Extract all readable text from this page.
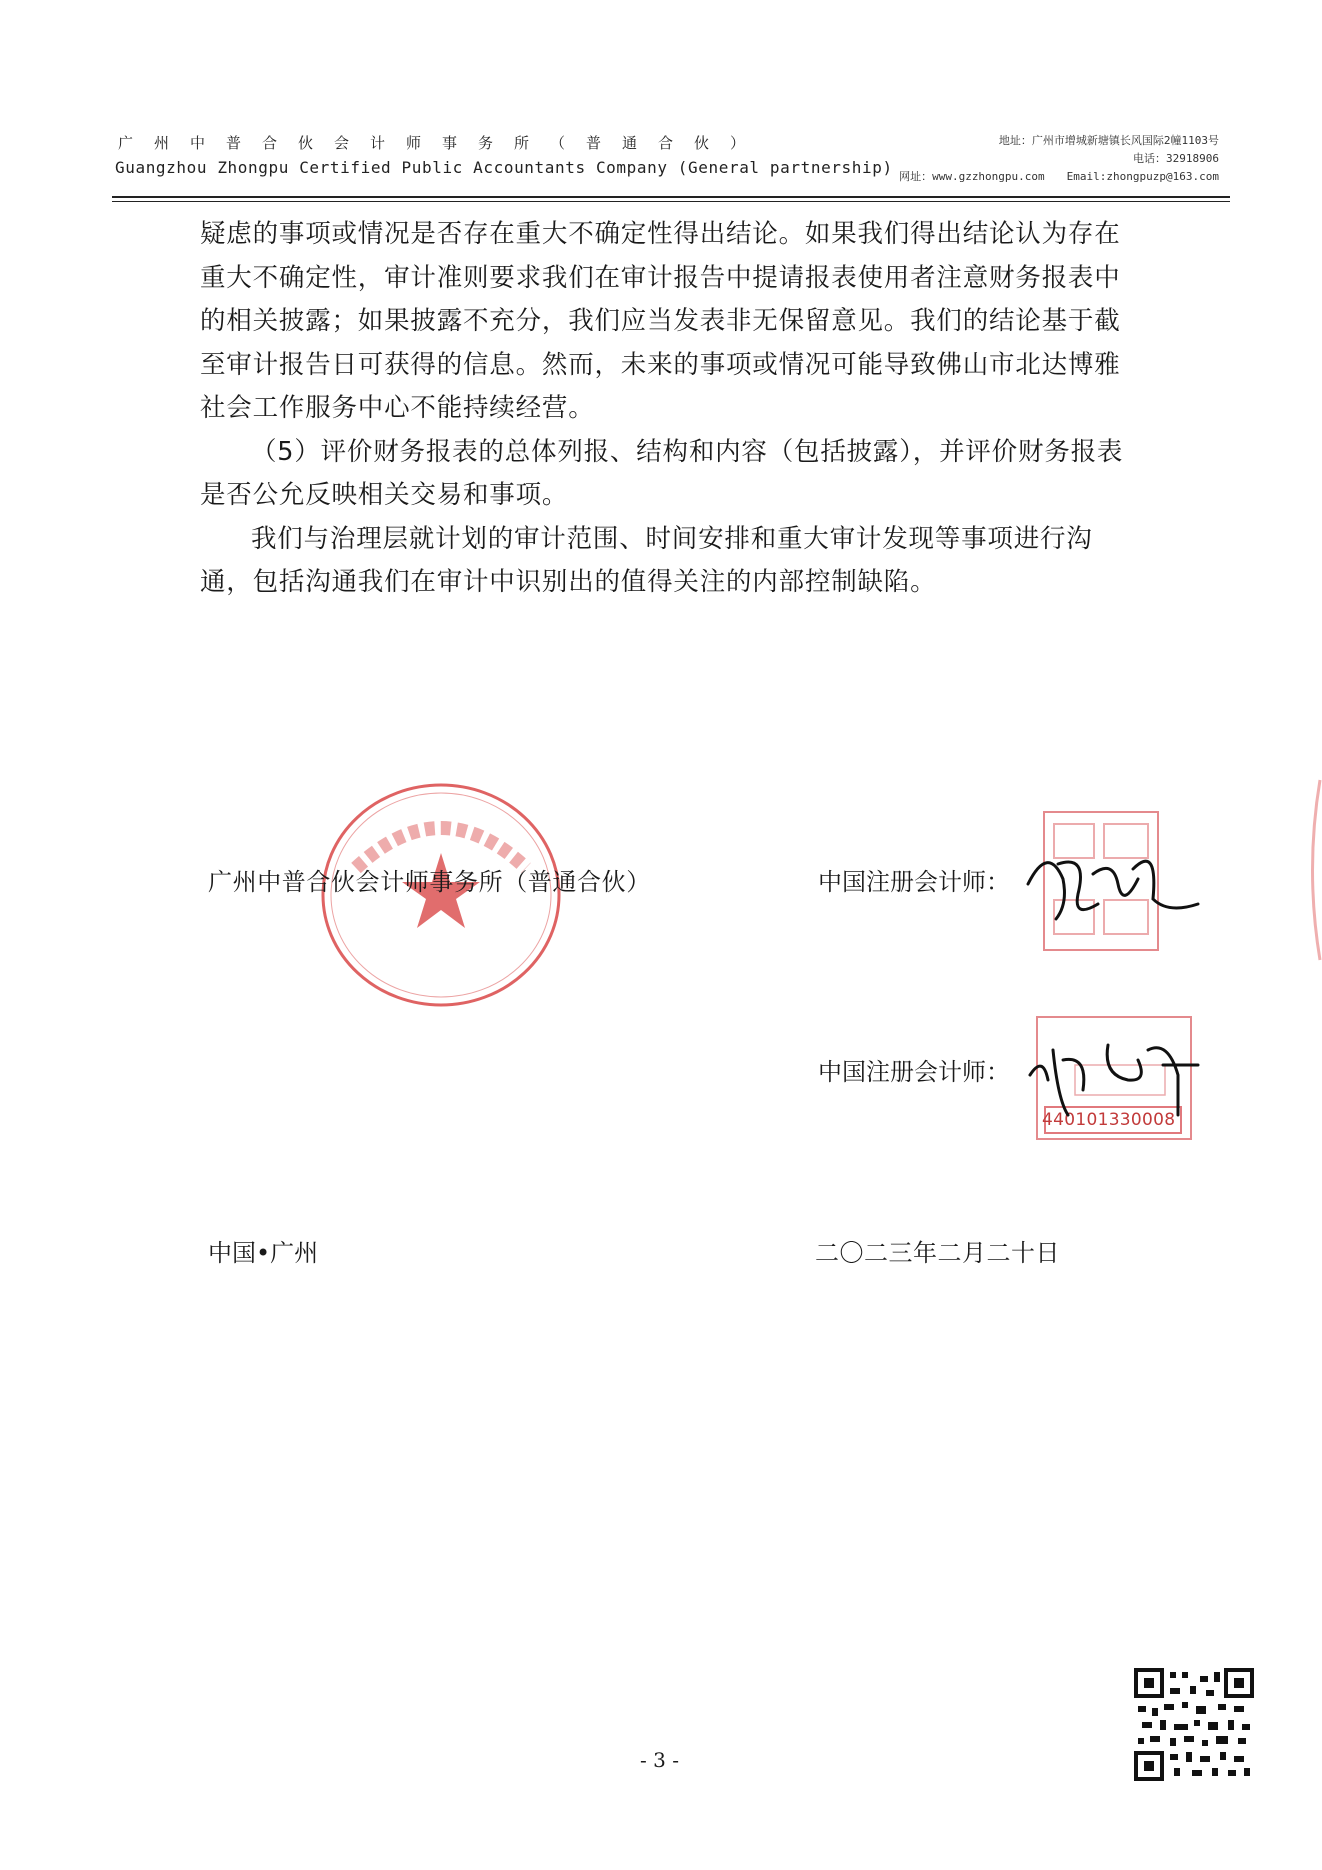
广州中普合伙会计师事务所（普通合伙）
Guangzhou Zhongpu Certified Public Accountants Company (General partnership)
地址：广州市增城新塘镇长风国际2幢1103号
电话：32918906
网址：www.gzzhongpu.com Email:zhongpuzp@163.com

疑虑的事项或情况是否存在重大不确定性得出结论。如果我们得出结论认为存在重大不确定性，审计准则要求我们在审计报告中提请报表使用者注意财务报表中的相关披露；如果披露不充分，我们应当发表非无保留意见。我们的结论基于截至审计报告日可获得的信息。然而，未来的事项或情况可能导致佛山市北达博雅社会工作服务中心不能持续经营。

（5）评价财务报表的总体列报、结构和内容（包括披露），并评价财务报表是否公允反映相关交易和事项。

我们与治理层就计划的审计范围、时间安排和重大审计发现等事项进行沟通，包括沟通我们在审计中识别出的值得关注的内部控制缺陷。

440101330008
广州中普合伙会计师事务所（普通合伙）	中国注册会计师：
中国注册会计师：
中国•广州	二〇二三年二月二十日
- 3 -
